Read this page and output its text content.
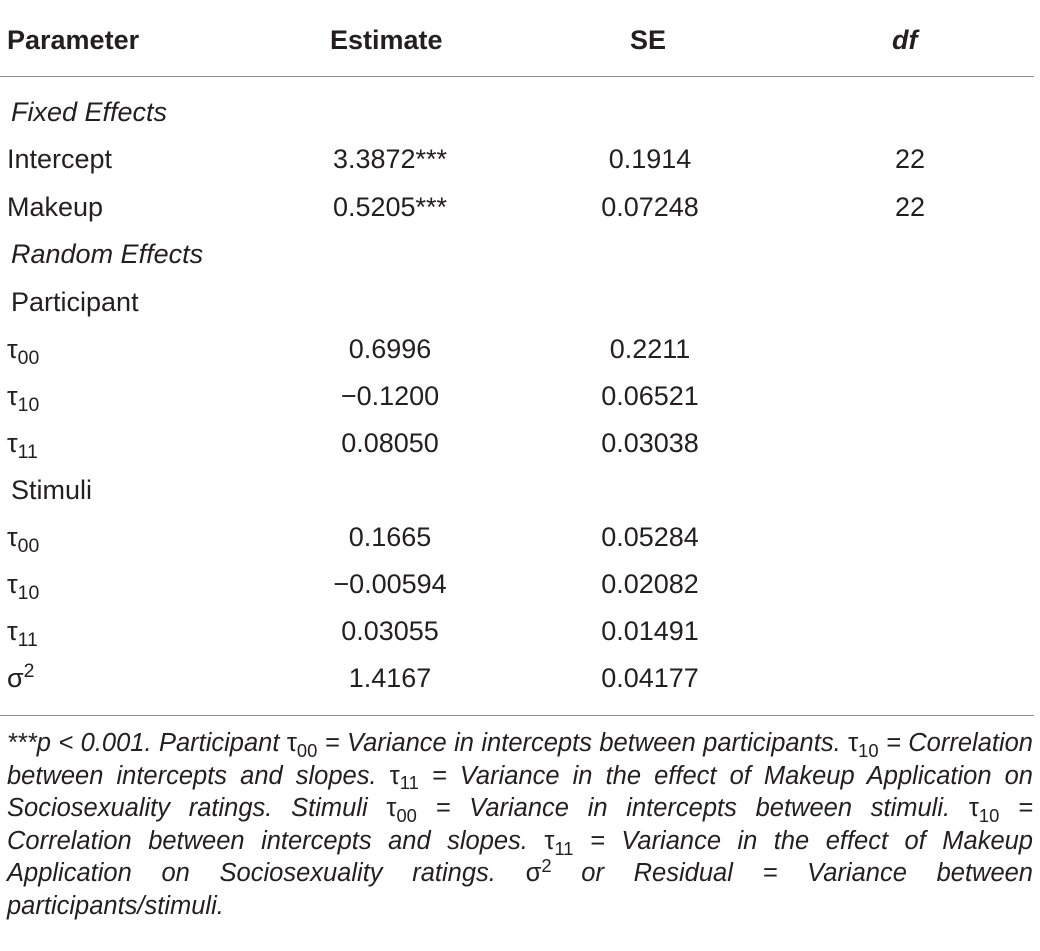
Parameter	Estimate	SE	df
Fixed Effects
Intercept	3.3872***	0.1914	22
Makeup	0.5205***	0.07248	22
Random Effects
Participant
$\tau_{00}$	0.6996	0.2211
$\tau_{10}$	−0.1200	0.06521
$\tau_{11}$	0.08050	0.03038
Stimuli
$\tau_{00}$	0.1665	0.05284
$\tau_{10}$	−0.00594	0.02082
$\tau_{11}$	0.03055	0.01491
$\sigma^2$	1.4167	0.04177
***p < 0.001. Participant $\tau_{00}$ = Variance in intercepts between participants. $\tau_{10}$ = Correlation between intercepts and slopes. $\tau_{11}$ = Variance in the effect of Makeup Application on Sociosexuality ratings. Stimuli $\tau_{00}$ = Variance in intercepts between stimuli. $\tau_{10}$ = Correlation between intercepts and slopes. $\tau_{11}$ = Variance in the effect of Makeup Application on Sociosexuality ratings. $\sigma^2$ or Residual = Variance between participants/stimuli.
